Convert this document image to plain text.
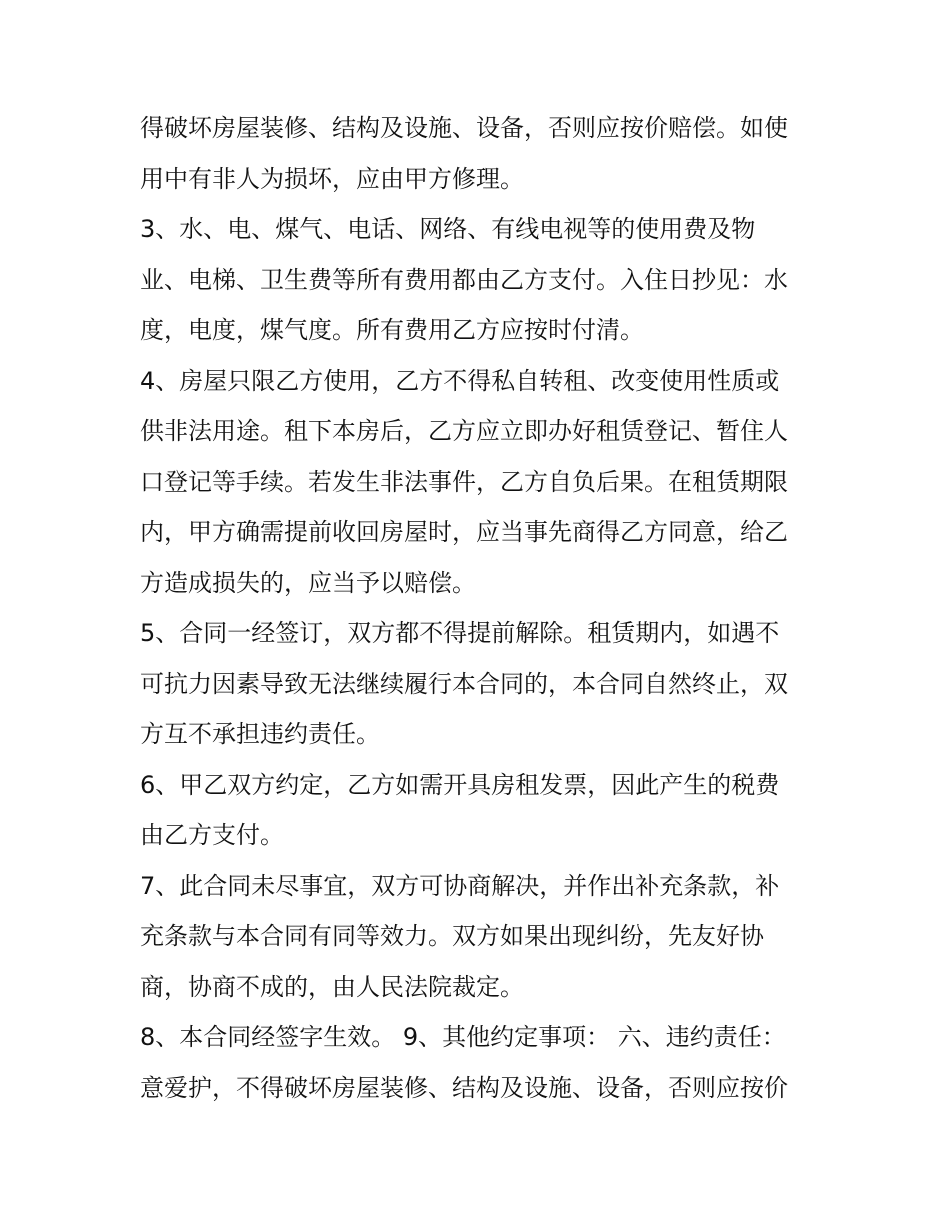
得破坏房屋装修、结构及设施、设备，否则应按价赔偿。如使
用中有非人为损坏，应由甲方修理。
3、水、电、煤气、电话、网络、有线电视等的使用费及物
业、电梯、卫生费等所有费用都由乙方支付。入住日抄见：水
度，电度，煤气度。所有费用乙方应按时付清。
4、房屋只限乙方使用，乙方不得私自转租、改变使用性质或
供非法用途。租下本房后，乙方应立即办好租赁登记、暂住人
口登记等手续。若发生非法事件，乙方自负后果。在租赁期限
内，甲方确需提前收回房屋时，应当事先商得乙方同意，给乙
方造成损失的，应当予以赔偿。
5、合同一经签订，双方都不得提前解除。租赁期内，如遇不
可抗力因素导致无法继续履行本合同的，本合同自然终止，双
方互不承担违约责任。
6、甲乙双方约定，乙方如需开具房租发票，因此产生的税费
由乙方支付。
7、此合同未尽事宜，双方可协商解决，并作出补充条款，补
充条款与本合同有同等效力。双方如果出现纠纷，先友好协
商，协商不成的，由人民法院裁定。
8、本合同经签字生效。 9、其他约定事项： 六、违约责任：
意爱护，不得破坏房屋装修、结构及设施、设备，否则应按价
